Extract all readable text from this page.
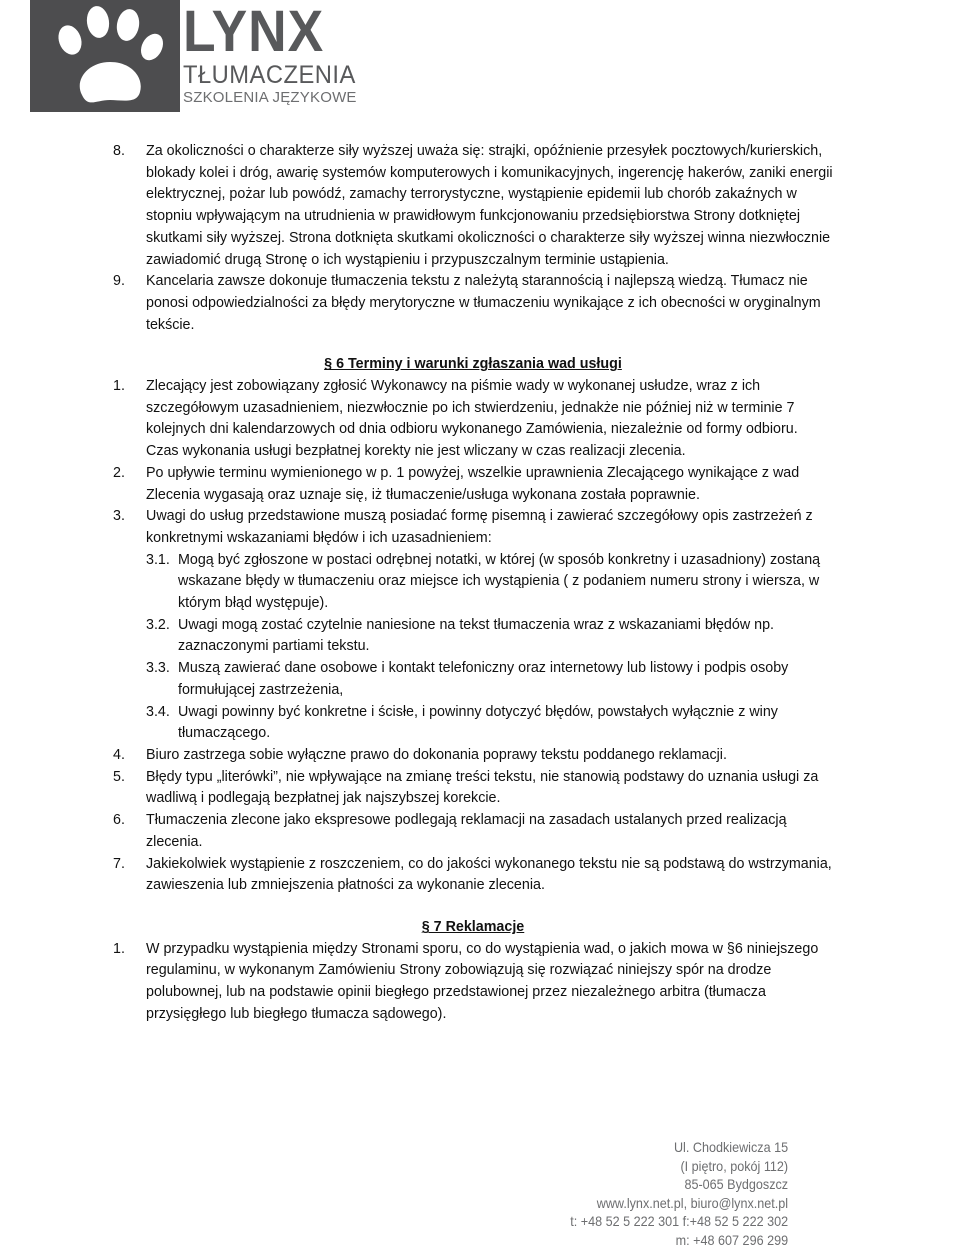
LYNX
TŁUMACZENIA
SZKOLENIA JĘZYKOWE
8.	Za okoliczności o charakterze siły wyższej uważa się: strajki, opóźnienie przesyłek pocztowych/kurierskich, blokady kolei i dróg, awarię systemów komputerowych i komunikacyjnych, ingerencję hakerów, zaniki energii elektrycznej, pożar lub powódź, zamachy terrorystyczne, wystąpienie epidemii lub chorób zakaźnych w stopniu wpływającym na utrudnienia w prawidłowym funkcjonowaniu przedsiębiorstwa Strony dotkniętej skutkami siły wyższej. Strona dotknięta skutkami okoliczności o charakterze siły wyższej winna niezwłocznie zawiadomić drugą Stronę o ich wystąpieniu i przypuszczalnym terminie ustąpienia.
9.	Kancelaria zawsze dokonuje tłumaczenia tekstu z należytą starannością i najlepszą wiedzą. Tłumacz nie ponosi odpowiedzialności za błędy merytoryczne w tłumaczeniu wynikające z ich obecności w oryginalnym tekście.
§ 6 Terminy i warunki zgłaszania wad usługi
1.	Zlecający jest zobowiązany zgłosić Wykonawcy na piśmie wady w wykonanej usłudze, wraz z ich szczegółowym uzasadnieniem, niezwłocznie po ich stwierdzeniu, jednakże nie później niż w terminie 7 kolejnych dni kalendarzowych od dnia odbioru wykonanego Zamówienia, niezależnie od formy odbioru. Czas wykonania usługi bezpłatnej korekty nie jest wliczany w czas realizacji zlecenia.
2.	Po upływie terminu wymienionego w p. 1 powyżej, wszelkie uprawnienia Zlecającego wynikające z wad Zlecenia wygasają oraz uznaje się, iż tłumaczenie/usługa wykonana została poprawnie.
3.	Uwagi do usług przedstawione muszą posiadać formę pisemną i zawierać szczegółowy opis zastrzeżeń z konkretnymi wskazaniami błędów i ich uzasadnieniem:
3.1. Mogą być zgłoszone w postaci odrębnej notatki, w której (w sposób konkretny i uzasadniony) zostaną wskazane błędy w tłumaczeniu oraz miejsce ich wystąpienia ( z podaniem numeru strony i wiersza, w którym błąd występuje).
3.2. Uwagi mogą zostać czytelnie naniesione na tekst tłumaczenia wraz z wskazaniami błędów np. zaznaczonymi partiami tekstu.
3.3. Muszą zawierać dane osobowe i kontakt telefoniczny oraz internetowy lub listowy i podpis osoby formułującej zastrzeżenia,
3.4. Uwagi powinny być konkretne i ścisłe, i powinny dotyczyć błędów, powstałych wyłącznie z winy tłumaczącego.
4.	Biuro zastrzega sobie wyłączne prawo do dokonania poprawy tekstu poddanego reklamacji.
5.	Błędy typu „literówki”, nie wpływające na zmianę treści tekstu, nie stanowią podstawy do uznania usługi za wadliwą i podlegają bezpłatnej jak najszybszej korekcie.
6.	Tłumaczenia zlecone jako ekspresowe podlegają reklamacji na zasadach ustalanych przed realizacją zlecenia.
7.	Jakiekolwiek wystąpienie z roszczeniem, co do jakości wykonanego tekstu nie są podstawą do wstrzymania, zawieszenia lub zmniejszenia płatności za wykonanie zlecenia.
§ 7 Reklamacje
1.	W przypadku wystąpienia między Stronami sporu, co do wystąpienia wad, o jakich mowa w §6 niniejszego regulaminu, w wykonanym Zamówieniu Strony zobowiązują się rozwiązać niniejszy spór na drodze polubownej, lub na podstawie opinii biegłego przedstawionej przez niezależnego arbitra (tłumacza przysięgłego lub biegłego tłumacza sądowego).
Ul. Chodkiewicza 15
(I piętro, pokój 112)
85-065 Bydgoszcz
www.lynx.net.pl, biuro@lynx.net.pl
t: +48 52 5 222 301 f:+48 52 5 222 302
m: +48 607 296 299
